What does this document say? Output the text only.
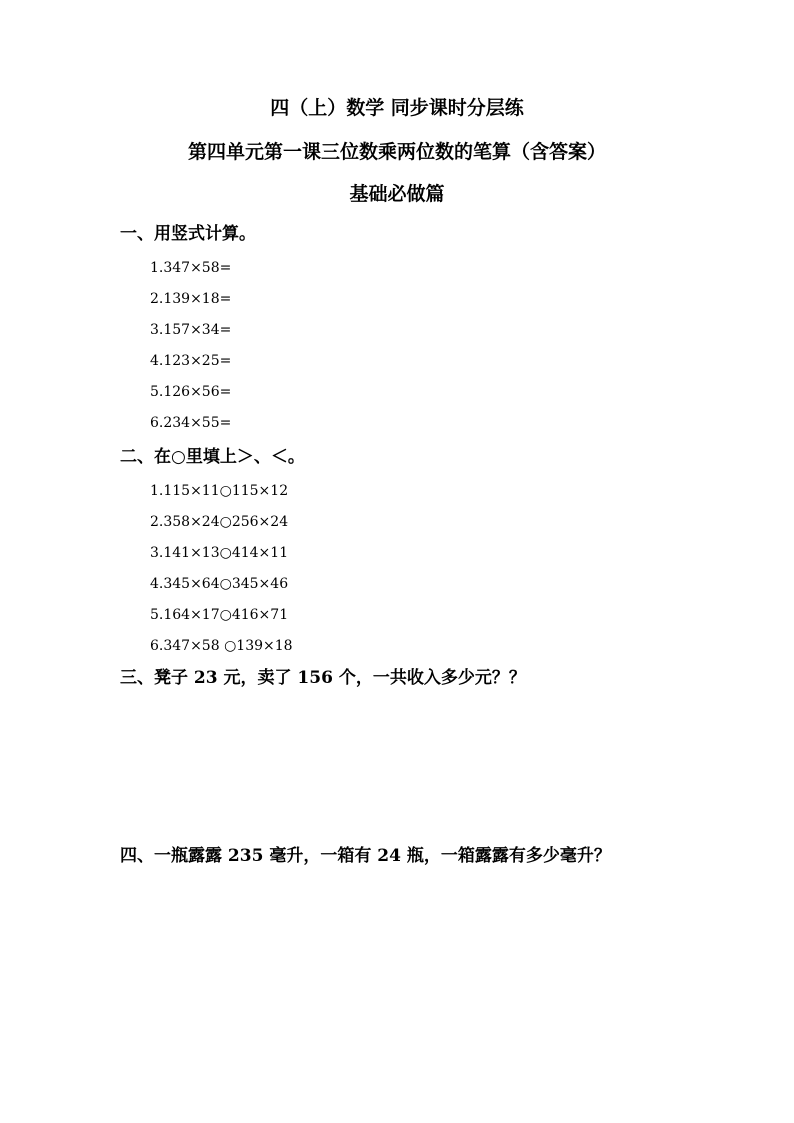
四（上）数学 同步课时分层练
第四单元第一课三位数乘两位数的笔算（含答案）
基础必做篇
一、用竖式计算。
1.347×58=
2.139×18=
3.157×34=
4.123×25=
5.126×56=
6.234×55=
二、在○里填上＞、＜。
1.115×11○115×12
2.358×24○256×24
3.141×13○414×11
4.345×64○345×46
5.164×17○416×71
6.347×58 ○139×18
三、凳子 23 元，卖了 156 个，一共收入多少元？？
四、一瓶露露 235 毫升，一箱有 24 瓶，一箱露露有多少毫升？
